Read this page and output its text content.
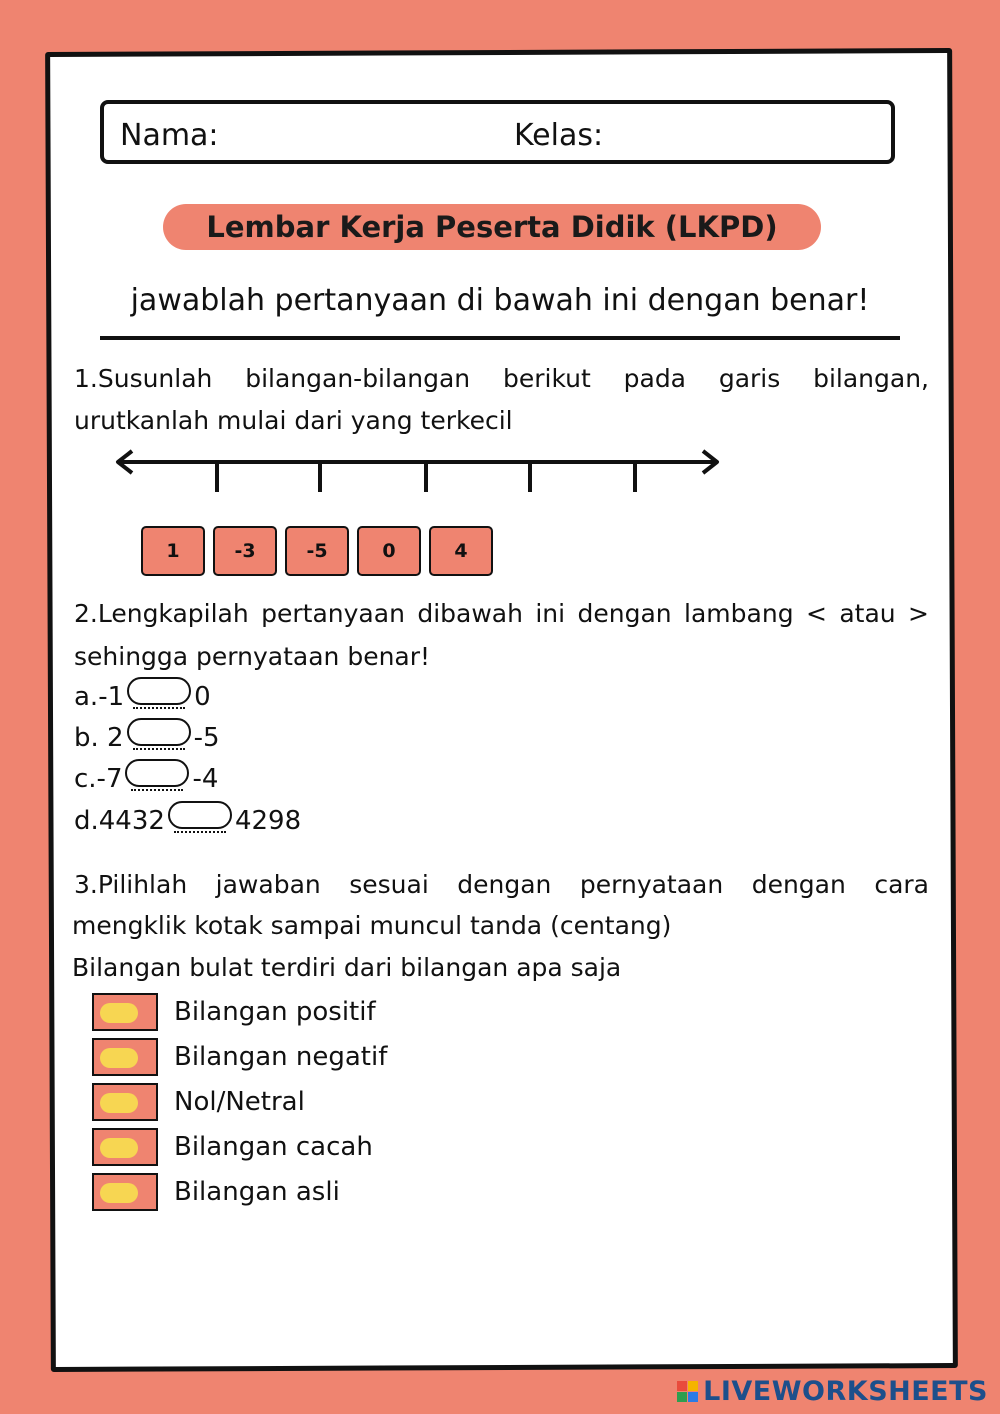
Nama:	Kelas:
Lembar Kerja Peserta Didik (LKPD)
jawablah pertanyaan di bawah ini dengan benar!
1.Susunlah bilangan-bilangan berikut pada garis bilangan,
urutkanlah mulai dari yang terkecil
1	-3	-5	0	4
2.Lengkapilah pertanyaan dibawah ini dengan lambang < atau >
sehingga pernyataan benar!
a.-1	0
b. 2	-5
c.-7	-4
d.4432	4298
3.Pilihlah jawaban sesuai dengan pernyataan dengan cara
mengklik kotak sampai muncul tanda (centang)
Bilangan bulat terdiri dari bilangan apa saja
Bilangan positif
Bilangan negatif
Nol/Netral
Bilangan cacah
Bilangan asli
LIVEWORKSHEETS
